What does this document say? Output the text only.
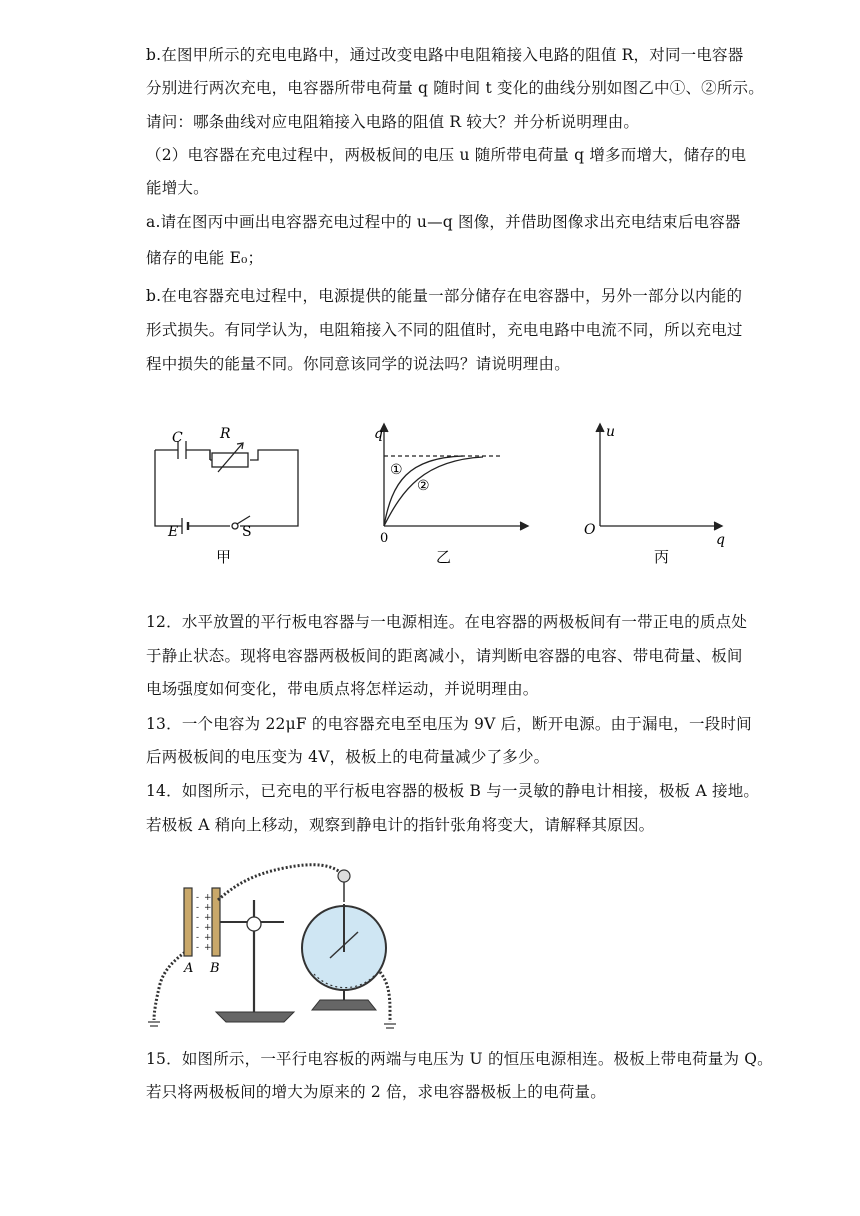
b.在图甲所示的充电电路中，通过改变电路中电阻箱接入电路的阻值 R，对同一电容器
分别进行两次充电，电容器所带电荷量 q 随时间 t 变化的曲线分别如图乙中①、②所示。
请问：哪条曲线对应电阻箱接入电路的阻值 R 较大？并分析说明理由。
（2）电容器在充电过程中，两极板间的电压 u 随所带电荷量 q 增多而增大，储存的电
能增大。
a.请在图丙中画出电容器充电过程中的 u—q 图像，并借助图像求出充电结束后电容器
储存的电能 E₀；
b.在电容器充电过程中，电源提供的能量一部分储存在电容器中，另外一部分以内能的
形式损失。有同学认为，电阻箱接入不同的阻值时，充电电路中电流不同，所以充电过
程中损失的能量不同。你同意该同学的说法吗？请说明理由。
C	R
E	S
甲
q
0
①
②
乙
u
O
q
丙
12．水平放置的平行板电容器与一电源相连。在电容器的两极板间有一带正电的质点处
于静止状态。现将电容器两极板间的距离减小，请判断电容器的电容、带电荷量、板间
电场强度如何变化，带电质点将怎样运动，并说明理由。
13．一个电容为 22μF 的电容器充电至电压为 9V 后，断开电源。由于漏电，一段时间
后两极板间的电压变为 4V，极板上的电荷量减少了多少。
14．如图所示，已充电的平行板电容器的极板 B 与一灵敏的静电计相接，极板 A 接地。
若极板 A 稍向上移动，观察到静电计的指针张角将变大，请解释其原因。
-
-
-
-
-
-
+
+
+
+
+
+
A B
15．如图所示，一平行电容板的两端与电压为 U 的恒压电源相连。极板上带电荷量为 Q。
若只将两极板间的增大为原来的 2 倍，求电容器极板上的电荷量。
